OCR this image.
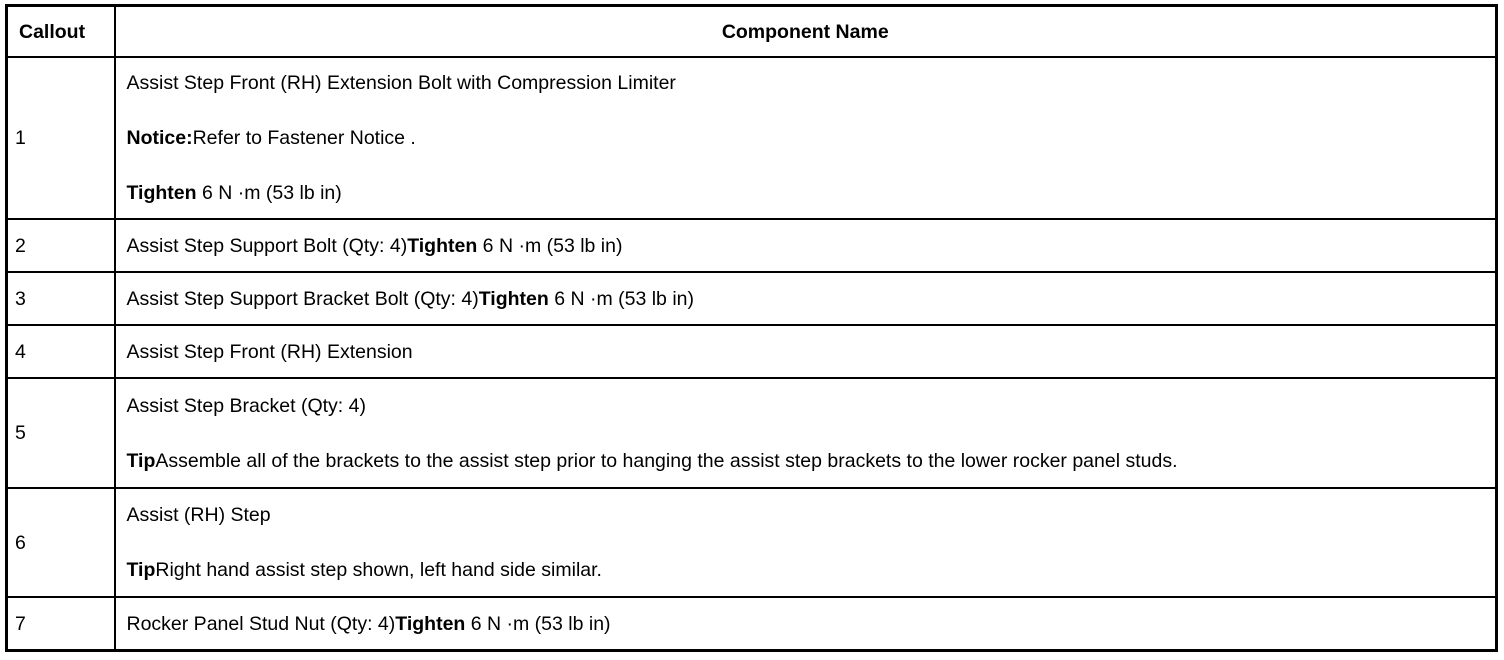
Callout	Component Name
1	Assist Step Front (RH) Extension Bolt with Compression Limiter
Notice:Refer to Fastener Notice .
Tighten 6 N ·m (53 lb in)

2	Assist Step Support Bolt (Qty: 4)Tighten 6 N ·m (53 lb in)
3	Assist Step Support Bracket Bolt (Qty: 4)Tighten 6 N ·m (53 lb in)
4	Assist Step Front (RH) Extension
5	Assist Step Bracket (Qty: 4)
TipAssemble all of the brackets to the assist step prior to hanging the assist step brackets to the lower rocker panel studs.

6	Assist (RH) Step
TipRight hand assist step shown, left hand side similar.

7	Rocker Panel Stud Nut (Qty: 4)Tighten 6 N ·m (53 lb in)
